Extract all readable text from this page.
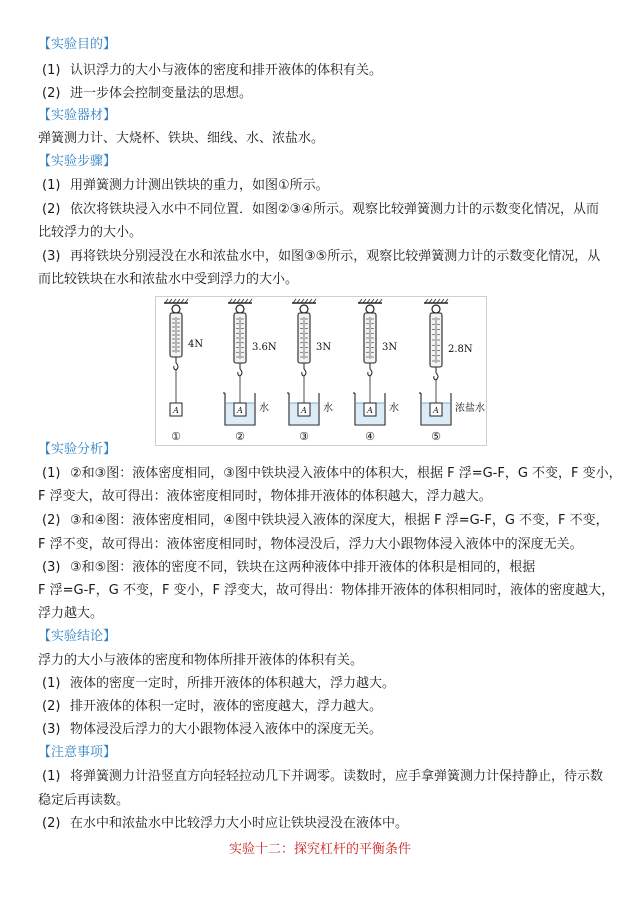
【实验目的】
(1) 认识浮力的大小与液体的密度和排开液体的体积有关。
(2) 进一步体会控制变量法的思想。
【实验器材】
弹簧测力计、大烧杯、铁块、细线、水、浓盐水。
【实验步骤】
(1) 用弹簧测力计测出铁块的重力，如图①所示。
(2) 依次将铁块浸入水中不同位置．如图②③④所示。观察比较弹簧测力计的示数变化情况，从而
比较浮力的大小。
(3) 再将铁块分别浸没在水和浓盐水中，如图③⑤所示，观察比较弹簧测力计的示数变化情况，从
而比较铁块在水和浓盐水中受到浮力的大小。
4N
A
①
3.6N
水
A
②
3N
水
A
③
3N
水
A
④
2.8N
浓盐水
A
⑤
【实验分析】
(1) ②和③图：液体密度相同，③图中铁块浸入液体中的体积大，根据 F 浮=G-F，G 不变，F 变小，
F 浮变大，故可得出：液体密度相同时，物体排开液体的体积越大，浮力越大。
(2) ③和④图：液体密度相同，④图中铁块浸入液体的深度大，根据 F 浮=G-F，G 不变，F 不变，
F 浮不变，故可得出：液体密度相同时，物体浸没后，浮力大小跟物体浸入液体中的深度无关。
(3) ③和⑤图：液体的密度不同，铁块在这两种液体中排开液体的体积是相同的，根据
F 浮=G-F，G 不变，F 变小，F 浮变大，故可得出：物体排开液体的体积相同时，液体的密度越大，
浮力越大。
【实验结论】
浮力的大小与液体的密度和物体所排开液体的体积有关。
(1) 液体的密度一定时，所排开液体的体积越大，浮力越大。
(2) 排开液体的体积一定时，液体的密度越大，浮力越大。
(3) 物体浸没后浮力的大小跟物体浸入液体中的深度无关。
【注意事项】
(1) 将弹簧测力计沿竖直方向轻轻拉动几下并调零。读数时，应手拿弹簧测力计保持静止，待示数
稳定后再读数。
(2) 在水中和浓盐水中比较浮力大小时应让铁块浸没在液体中。
实验十二：探究杠杆的平衡条件
